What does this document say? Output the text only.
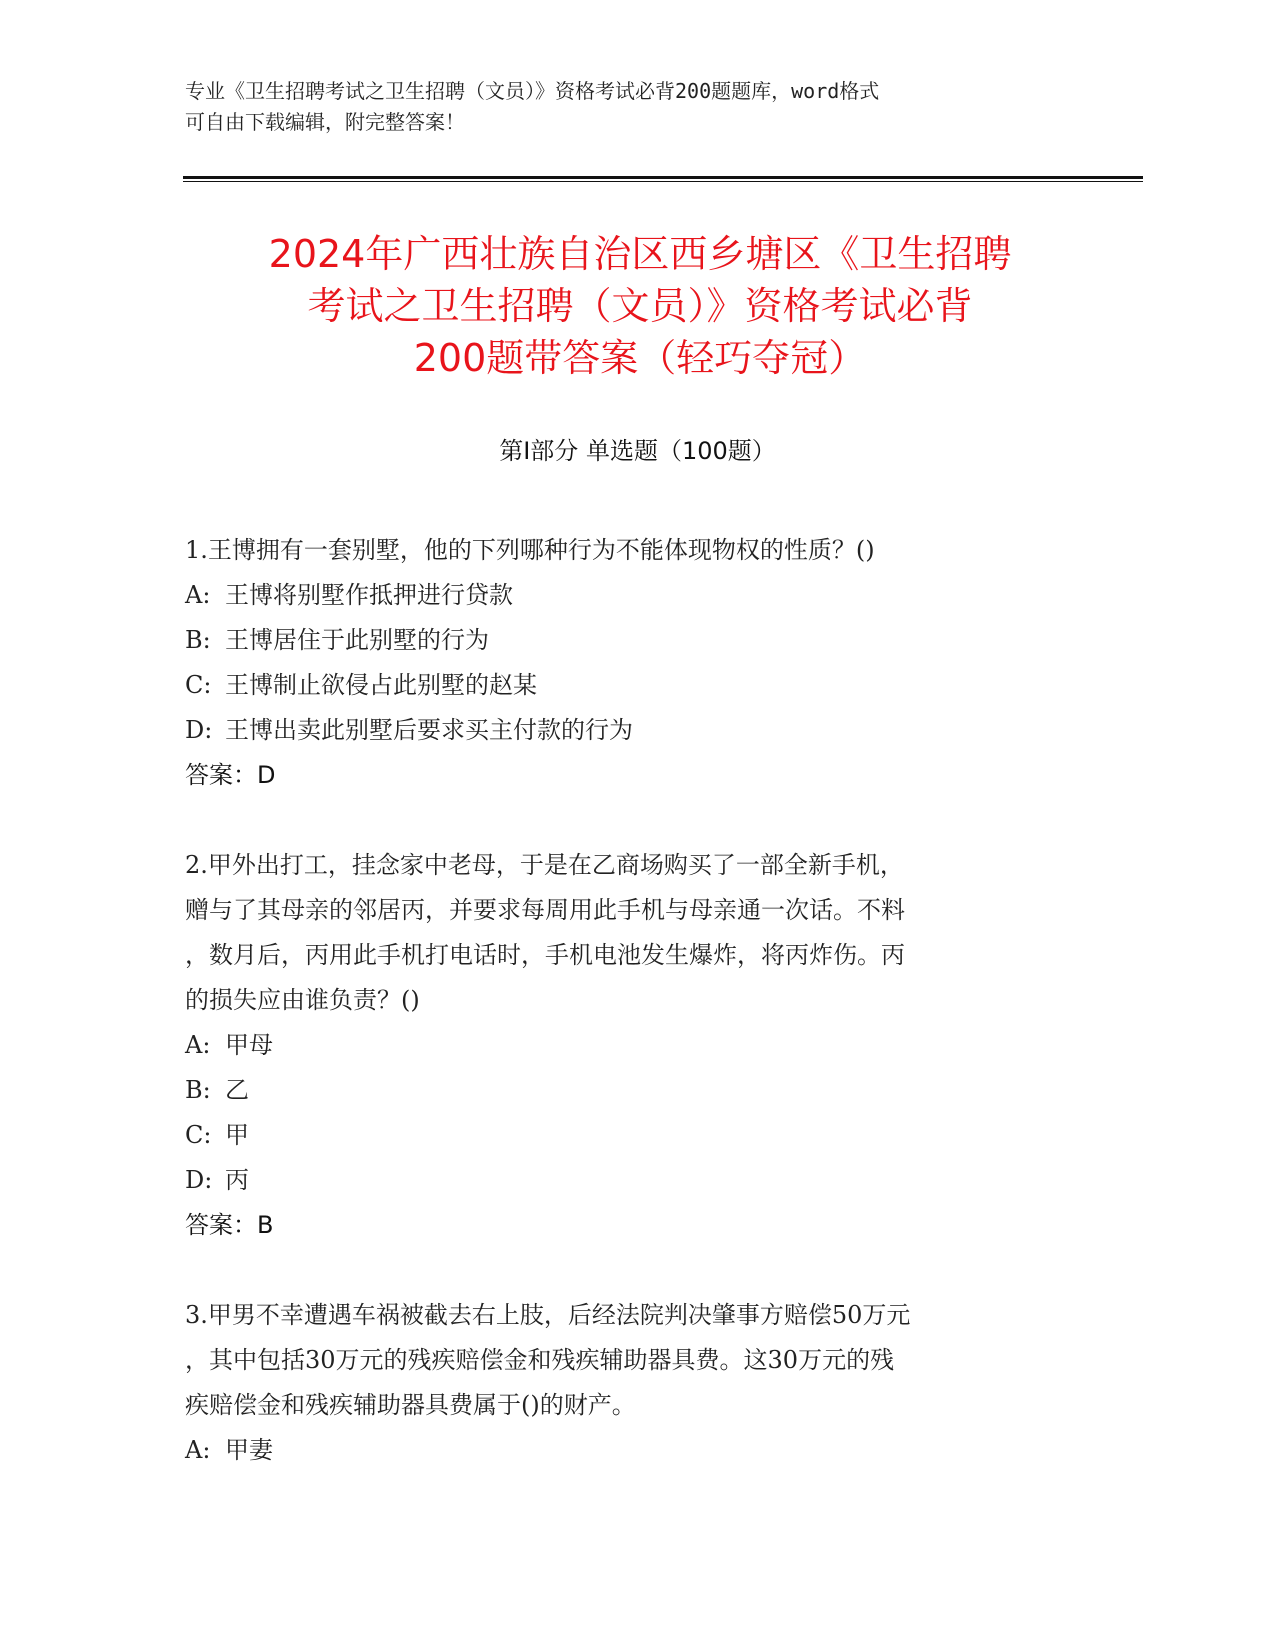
专业《卫生招聘考试之卫生招聘（文员）》资格考试必背200题题库，word格式
可自由下载编辑，附完整答案！
2024年广西壮族自治区西乡塘区《卫生招聘
考试之卫生招聘（文员）》资格考试必背
200题带答案（轻巧夺冠）
第Ⅰ部分 单选题（100题）
1.王博拥有一套别墅，他的下列哪种行为不能体现物权的性质？()
A: 王博将别墅作抵押进行贷款
B: 王博居住于此别墅的行为
C: 王博制止欲侵占此别墅的赵某
D: 王博出卖此别墅后要求买主付款的行为
答案：D
2.甲外出打工，挂念家中老母，于是在乙商场购买了一部全新手机，
赠与了其母亲的邻居丙，并要求每周用此手机与母亲通一次话。不料
，数月后，丙用此手机打电话时，手机电池发生爆炸，将丙炸伤。丙
的损失应由谁负责？()
A: 甲母
B: 乙
C: 甲
D: 丙
答案：B
3.甲男不幸遭遇车祸被截去右上肢，后经法院判决肇事方赔偿50万元
，其中包括30万元的残疾赔偿金和残疾辅助器具费。这30万元的残
疾赔偿金和残疾辅助器具费属于()的财产。
A: 甲妻
